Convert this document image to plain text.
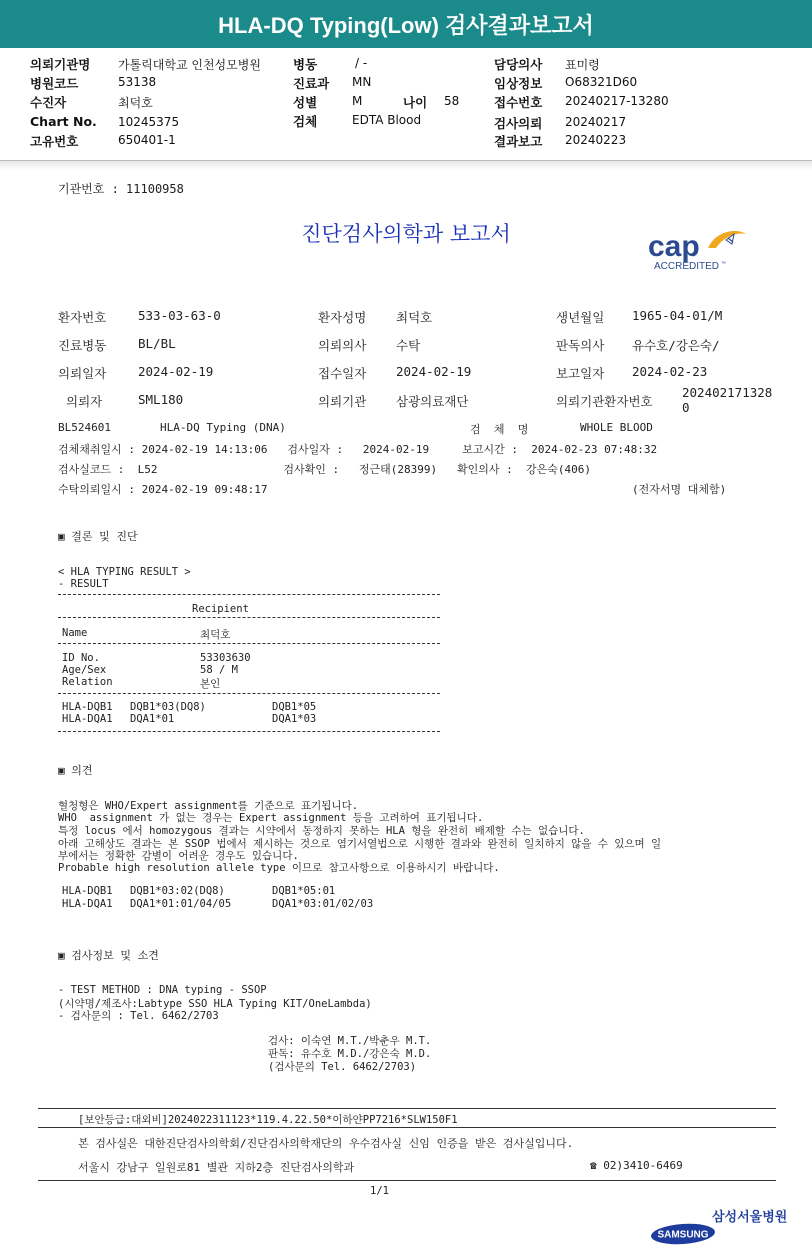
HLA-DQ Typing(Low) 검사결과보고서
의뢰기관명 가톨릭대학교 인천성모병원
병원코드	53138
수진자	최덕호
Chart No. 10245375
고유번호	650401-1
병동	/ -
진료과 MN
성별	M	나이 58
검체	EDTA Blood
담당의사 표미령
임상정보 O68321D60
접수번호 20240217-13280
검사의뢰 20240217
결과보고 20240223
기관번호 : 11100958
진단검사의학과 보고서	cap
ACCREDITED ™
환자번호	533-03-63-0	환자성명 최덕호	생년월일 1965-04-01/M
진료병동	BL/BL	의뢰의사 수탁	판독의사 유수호/강은숙/
의뢰일자	2024-02-19	접수일자 2024-02-19	보고일자 2024-02-23
의뢰자	SML180	의뢰기관 삼광의료재단	의뢰기관환자번호
202402171328
0
BL524601	HLA-DQ Typing (DNA)	검  체  명	WHOLE BLOOD
검체채취일시 : 2024-02-19 14:13:06   검사일자 :   2024-02-19     보고시간 :  2024-02-23 07:48:32
검사실코드 :  L52                   검사확인 :   정근태(28399)   확인의사 :  강은숙(406)
수탁의뢰일시 : 2024-02-19 09:48:17	(전자서명 대체함)
▣ 결론 및 진단
< HLA TYPING RESULT >
- RESULT
Recipient
Name	최덕호
ID No.	53303630
Age/Sex	58 / M
Relation	본인
HLA-DQB1 DQB1*03(DQ8)	DQB1*05
HLA-DQA1 DQA1*01	DQA1*03
▣ 의견
혈청형은 WHO/Expert assignment를 기준으로 표기됩니다.
WHO  assignment 가 없는 경우는 Expert assignment 등을 고려하여 표기됩니다.
특정 locus 에서 homozygous 결과는 시약에서 동정하지 못하는 HLA 형을 완전히 배제할 수는 없습니다.
아래 고해상도 결과는 본 SSOP 법에서 제시하는 것으로 염기서열법으로 시행한 결과와 완전히 일치하지 않을 수 있으며 일
부에서는 정확한 감별이 어려운 경우도 있습니다.
Probable high resolution allele type 이므로 참고사항으로 이용하시기 바랍니다.
HLA-DQB1 DQB1*03:02(DQ8)	DQB1*05:01
HLA-DQA1 DQA1*01:01/04/05	DQA1*03:01/02/03
▣ 검사정보 및 소견
- TEST METHOD : DNA typing - SSOP
(시약명/제조사:Labtype SSO HLA Typing KIT/OneLambda)
- 검사문의 : Tel. 6462/2703
검사: 이숙연 M.T./박춘우 M.T.
판독: 유수호 M.D./강은숙 M.D.
(검사문의 Tel. 6462/2703)
[보안등급:대외비]2024022311123*119.4.22.50*이하얀PP7216*SLW150F1
본 검사실은 대한진단검사의학회/진단검사의학재단의 우수검사실 신임 인증을 받은 검사실입니다.
서울시 강남구 일원로81 별관 지하2층 진단검사의학과	☎ 02)3410-6469
1/1

SAMSUNG

삼성서울병원
